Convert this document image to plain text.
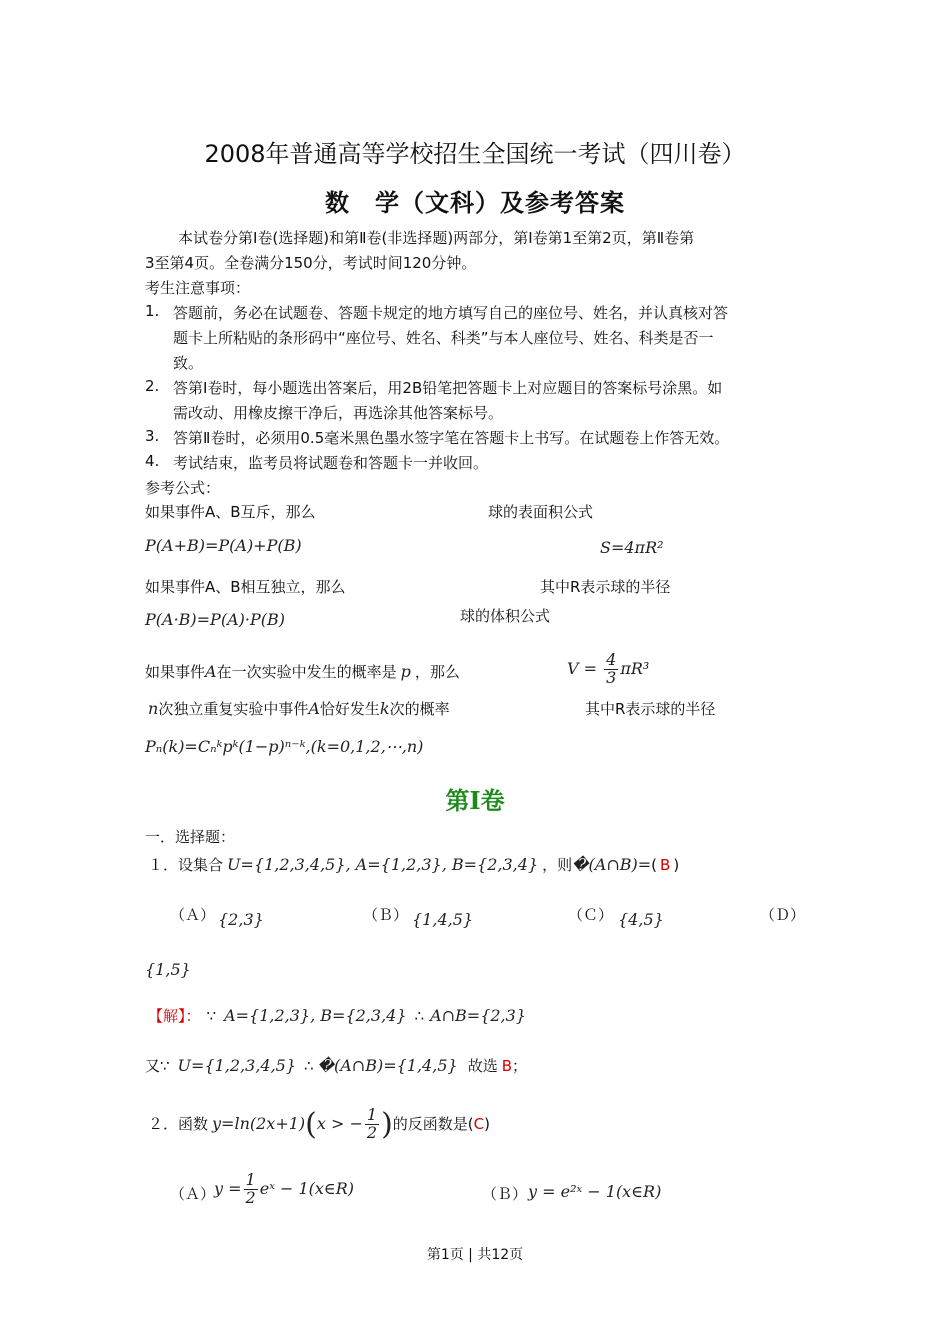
2008年普通高等学校招生全国统一考试（四川卷）
数　学（文科）及参考答案
本试卷分第Ⅰ卷(选择题)和第Ⅱ卷(非选择题)两部分，第Ⅰ卷第1至第2页，第Ⅱ卷第
3至第4页。全卷满分150分，考试时间120分钟。
考生注意事项：
1. 答题前，务必在试题卷、答题卡规定的地方填写自己的座位号、姓名，并认真核对答
题卡上所粘贴的条形码中“座位号、姓名、科类”与本人座位号、姓名、科类是否一
致。
2. 答第Ⅰ卷时，每小题选出答案后，用2B铅笔把答题卡上对应题目的答案标号涂黑。如
需改动、用橡皮擦干净后，再选涂其他答案标号。
3. 答第Ⅱ卷时，必须用0.5毫米黑色墨水签字笔在答题卡上书写。在试题卷上作答无效。
4. 考试结束，监考员将试题卷和答题卡一并收回。
参考公式：
如果事件A、B互斥，那么	球的表面积公式
P(A+B)=P(A)+P(B)	S=4πR²
如果事件A、B相互独立，那么	其中R表示球的半径
P(A·B)=P(A)·P(B)	球的体积公式
如果事件A在一次实验中发生的概率是 p ，那么	$V = \frac{4}{3} \pi R^3$
n次独立重复实验中事件A恰好发生k次的概率	其中R表示球的半径
Pₙ(k)=Cₙᵏpᵏ(1−p)ⁿ⁻ᵏ,(k=0,1,2,⋯,n)
第Ⅰ卷
一．选择题：
１．设集合 U={1,2,3,4,5}, A={1,2,3}, B={2,3,4} ，则�(A∩B)=( B )
（Ａ） {2,3}	（Ｂ） {1,4,5}	（Ｃ） {4,5}	（Ｄ）
{1,5}
【解】： ∵ A={1,2,3}, B={2,3,4} ∴ A∩B={2,3}
又∵ U={1,2,3,4,5} ∴ �(A∩B)={1,4,5} 故选 B；
２．函数 y=ln(2x+1)(x > − $\frac{1}{2}$ )的反函数是(C)
（Ａ）
$y = \frac{1}{2}$ eˣ − 1(x∈R)	（Ｂ） y = e²ˣ − 1(x∈R)
第1页 | 共12页
